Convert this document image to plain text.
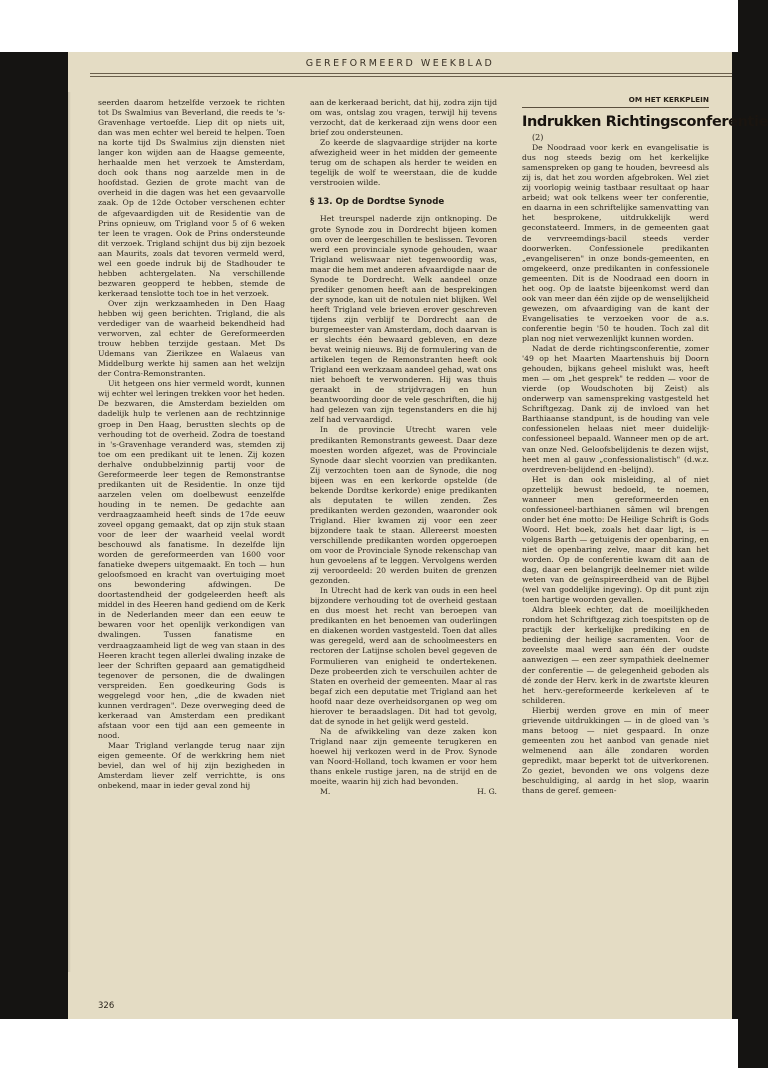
GEREFORMEERD WEEKBLAD

seerden daarom hetzelfde verzoek te richten tot Ds Swalmius van Beverland, die reeds te 's-Gravenhage vertoefde. Liep dit op niets uit, dan was men echter wel bereid te helpen. Toen na korte tijd Ds Swalmius zijn diensten niet langer kon wijden aan de Haagse gemeente, herhaalde men het verzoek te Amsterdam, doch ook thans nog aarzelde men in de hoofdstad. Gezien de grote macht van de overheid in die dagen was het een gevaarvolle zaak. Op de 12de October verschenen echter de afgevaardigden uit de Residentie van de Prins opnieuw, om Trigland voor 5 of 6 weken ter leen te vragen. Ook de Prins ondersteunde dit verzoek. Trigland schijnt dus bij zijn bezoek aan Maurits, zoals dat tevoren vermeld werd, wel een goede indruk bij de Stadhouder te hebben achtergelaten. Na verschillende bezwaren geopperd te hebben, stemde de kerkeraad tenslotte toch toe in het verzoek.

Over zijn werkzaamheden in Den Haag hebben wij geen berichten. Trigland, die als verdediger van de waarheid bekendheid had verworven, zal echter de Gereformeerden trouw hebben terzijde gestaan. Met Ds Udemans van Zierikzee en Walaeus van Middelburg werkte hij samen aan het welzijn der Contra-Remonstranten.

Uit hetgeen ons hier vermeld wordt, kunnen wij echter wel leringen trekken voor het heden. De bezwaren, die Amsterdam bezielden om dadelijk hulp te verlenen aan de rechtzinnige groep in Den Haag, berustten slechts op de verhouding tot de overheid. Zodra de toestand in 's-Gravenhage veranderd was, stemden zij toe om een predikant uit te lenen. Zij kozen derhalve ondubbelzinnig partij voor de Gereformeerde leer tegen de Remonstrantse predikanten uit de Residentie. In onze tijd aarzelen velen om doelbewust eenzelfde houding in te nemen. De gedachte aan verdraagzaamheid heeft sinds de 17de eeuw zoveel opgang gemaakt, dat op zijn stuk staan voor de leer der waarheid veelal wordt beschouwd als fanatisme. In dezelfde lijn worden de gereformeerden van 1600 voor fanatieke dwepers uitgemaakt. En toch — hun geloofsmoed en kracht van overtuiging moet ons bewondering afdwingen. De doortastendheid der godgeleerden heeft als middel in des Heeren hand gediend om de Kerk in de Nederlanden meer dan een eeuw te bewaren voor het openlijk verkondigen van dwalingen. Tussen fanatisme en verdraagzaamheid ligt de weg van staan in des Heeren kracht tegen allerlei dwaling inzake de leer der Schriften gepaard aan gematigdheid tegenover de personen, die de dwalingen verspreiden. Een goedkeuring Gods is weggelegd voor hen, „die de kwaden niet kunnen verdragen". Deze overweging deed de kerkeraad van Amsterdam een predikant afstaan voor een tijd aan een gemeente in nood.

Maar Trigland verlangde terug naar zijn eigen gemeente. Of de werkkring hem niet beviel, dan wel of hij zijn bezigheden in Amsterdam liever zelf verrichtte, is ons onbekend, maar in ieder geval zond hij

aan de kerkeraad bericht, dat hij, zodra zijn tijd om was, ontslag zou vragen, terwijl hij tevens verzocht, dat de kerkeraad zijn wens door een brief zou ondersteunen.

Zo keerde de slagvaardige strijder na korte afwezigheid weer in het midden der gemeente terug om de schapen als herder te weiden en tegelijk de wolf te weerstaan, die de kudde verstrooien wilde.

§ 13. Op de Dordtse Synode

Het treurspel naderde zijn ontknoping. De grote Synode zou in Dordrecht bijeen komen om over de leergeschillen te beslissen. Tevoren werd een provinciale synode gehouden, waar Trigland weliswaar niet tegenwoordig was, maar die hem met anderen afvaardigde naar de Synode te Dordrecht. Welk aandeel onze prediker genomen heeft aan de besprekingen der synode, kan uit de notulen niet blijken. Wel heeft Trigland vele brieven erover geschreven tijdens zijn verblijf te Dordrecht aan de burgemeester van Amsterdam, doch daarvan is er slechts één bewaard gebleven, en deze bevat weinig nieuws. Bij de formulering van de artikelen tegen de Remonstranten heeft ook Trigland een werkzaam aandeel gehad, wat ons niet behoeft te verwonderen. Hij was thuis geraakt in de strijdvragen en hun beantwoording door de vele geschriften, die hij had gelezen van zijn tegenstanders en die hij zelf had vervaardigd.

In de provincie Utrecht waren vele predikanten Remonstrants geweest. Daar deze moesten worden afgezet, was de Provinciale Synode daar slecht voorzien van predikanten. Zij verzochten toen aan de Synode, die nog bijeen was en een kerkorde opstelde (de bekende Dordtse kerkorde) enige predikanten als deputaten te willen zenden. Zes predikanten werden gezonden, waaronder ook Trigland. Hier kwamen zij voor een zeer bijzondere taak te staan. Allereerst moesten verschillende predikanten worden opgeroepen om voor de Provinciale Synode rekenschap van hun gevoelens af te leggen. Vervolgens werden zij veroordeeld: 20 werden buiten de grenzen gezonden.

In Utrecht had de kerk van ouds in een heel bijzondere verhouding tot de overheid gestaan en dus moest het recht van beroepen van predikanten en het benoemen van ouderlingen en diakenen worden vastgesteld. Toen dat alles was geregeld, werd aan de schoolmeesters en rectoren der Latijnse scholen bevel gegeven de Formulieren van enigheid te ondertekenen. Deze probeerden zich te verschuilen achter de Staten en overheid der gemeenten. Maar al ras begaf zich een deputatie met Trigland aan het hoofd naar deze overheidsorganen op weg om hierover te beraadslagen. Dit had tot gevolg, dat de synode in het gelijk werd gesteld.

Na de afwikkeling van deze zaken kon Trigland naar zijn gemeente terugkeren en hoewel hij verkozen werd in de Prov. Synode van Noord-Holland, toch kwamen er voor hem thans enkele rustige jaren, na de strijd en de moeite, waarin hij zich had bevonden.

M.	H. G.

OM HET KERKPLEIN
Indrukken Richtingsconferentie

(2)

De Noodraad voor kerk en evangelisatie is dus nog steeds bezig om het kerkelijke samenspreken op gang te houden, bevreesd als zij is, dat het zou worden afgebroken. Wel ziet zij voorlopig weinig tastbaar resultaat op haar arbeid; wat ook telkens weer ter conferentie, en daarna in een schriftelijke samenvatting van het besprokene, uitdrukkelijk werd geconstateerd. Immers, in de gemeenten gaat de vervreemdings-bacil steeds verder doorwerken. Confessionele predikanten „evangeliseren" in onze bonds-gemeenten, en omgekeerd, onze predikanten in confessionele gemeenten. Dit is de Noodraad een doorn in het oog. Op de laatste bijeenkomst werd dan ook van meer dan één zijde op de wenselijkheid gewezen, om afvaardiging van de kant der Evangelisaties te verzoeken voor de a.s. conferentie begin '50 te houden. Toch zal dit plan nog niet verwezenlijkt kunnen worden.

Nadat de derde richtingsconferentie, zomer '49 op het Maarten Maartenshuis bij Doorn gehouden, bijkans geheel mislukt was, heeft men — om „het gesprek" te redden — voor de vierde (op Woudschoten bij Zeist) als onderwerp van samenspreking vastgesteld het Schriftgezag. Dank zij de invloed van het Barthiaanse standpunt, is de houding van vele confessionelen helaas niet meer duidelijk-confessioneel bepaald. Wanneer men op de art. van onze Ned. Geloofsbelijdenis te dezen wijst, heet men al gauw „confessionalistisch" (d.w.z. overdreven-belijdend en -belijnd).

Het is dan ook misleiding, al of niet opzettelijk bewust bedoeld, te noemen, wanneer men gereformeerden en confessioneel-barthianen sâmen wil brengen onder het éne motto: De Heilige Schrift is Gods Woord. Het boek, zoals het daar ligt, is — volgens Barth — getuigenis der openbaring, en niet de openbaring zelve, maar dit kan het worden. Op de conferentie kwam dit aan de dag, daar een belangrijk deelnemer niet wilde weten van de geïnspireerdheid van de Bijbel (wel van goddelijke ingeving). Op dit punt zijn toen hartige woorden gevallen.

Aldra bleek echter, dat de moeilijkheden rondom het Schriftgezag zich toespitsten op de practijk der kerkelijke prediking en de bediening der heilige sacramenten. Voor de zoveelste maal werd aan één der oudste aanwezigen — een zeer sympathiek deelnemer der conferentie — de gelegenheid geboden als dé zonde der Herv. kerk in de zwartste kleuren het herv.-gereformeerde kerkeleven af te schilderen.

Hierbij werden grove en min of meer grievende uitdrukkingen — in de gloed van 's mans betoog — niet gespaard. In onze gemeenten zou het aanbod van genade niet welmenend aan álle zondaren worden gepredikt, maar beperkt tot de uitverkorenen. Zo geziet, bevonden we ons volgens deze beschuldiging, al aardg in het slop, waarin thans de geref. gemeen-

326
